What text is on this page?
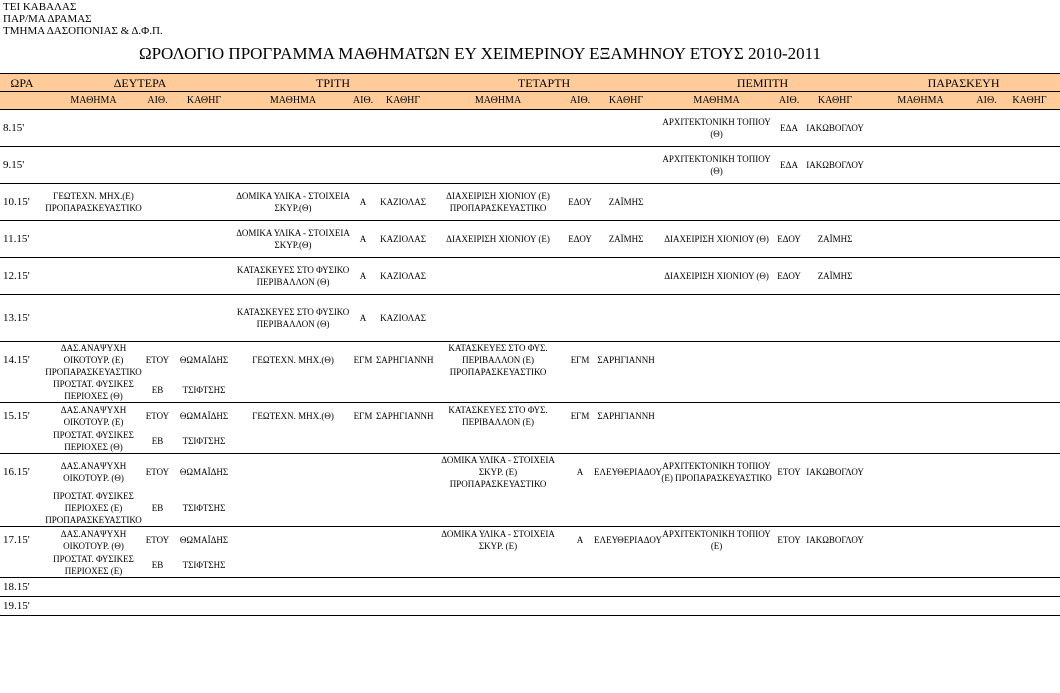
ΤΕΙ ΚΑΒΑΛΑΣ
ΠΑΡ/ΜΑ ΔΡΑΜΑΣ
ΤΜΗΜΑ ΔΑΣΟΠΟΝΙΑΣ & Δ.Φ.Π.
ΩΡΟΛΟΓΙΟ ΠΡΟΓΡΑΜΜΑ ΜΑΘΗΜΑΤΩΝ ΕΥ ΧΕΙΜΕΡΙΝΟΥ ΕΞΑΜΗΝΟΥ ΕΤΟΥΣ 2010-2011
ΩΡΑ	ΔΕΥΤΕΡΑ			ΤΡΙΤΗ			ΤΕΤΑΡΤΗ			ΠΕΜΠΤΗ			ΠΑΡΑΣΚΕΥΗ		
	ΜΑΘΗΜΑ	ΑΙΘ.	ΚΑΘΗΓ	ΜΑΘΗΜΑ	ΑΙΘ.	ΚΑΘΗΓ	ΜΑΘΗΜΑ	ΑΙΘ.	ΚΑΘΗΓ	ΜΑΘΗΜΑ	ΑΙΘ.	ΚΑΘΗΓ	ΜΑΘΗΜΑ	ΑΙΘ.	ΚΑΘΗΓ
8.15'										ΑΡΧΙΤΕΚΤΟΝΙΚΗ ΤΟΠΙΟΥ (Θ)	ΕΔΑ	ΙΑΚΩΒΟΓΛΟΥ			
9.15'										ΑΡΧΙΤΕΚΤΟΝΙΚΗ ΤΟΠΙΟΥ (Θ)	ΕΔΑ	ΙΑΚΩΒΟΓΛΟΥ			
10.15'	ΓΕΩΤΕΧΝ. ΜΗΧ.(Ε) ΠΡΟΠΑΡΑΣΚΕΥΑΣΤΙΚΟ			ΔΟΜΙΚΑ ΥΛΙΚΑ - ΣΤΟΙΧΕΙΑ ΣΚΥΡ.(Θ)	Α	ΚΑΖΙΟΛΑΣ	ΔΙΑΧΕΙΡΙΣΗ ΧΙΟΝΙΟΥ (Ε) ΠΡΟΠΑΡΑΣΚΕΥΑΣΤΙΚΟ	ΕΔΟΥ	ΖΑΪΜΗΣ						
11.15'				ΔΟΜΙΚΑ ΥΛΙΚΑ - ΣΤΟΙΧΕΙΑ ΣΚΥΡ.(Θ)	Α	ΚΑΖΙΟΛΑΣ	ΔΙΑΧΕΙΡΙΣΗ ΧΙΟΝΙΟΥ (Ε)	ΕΔΟΥ	ΖΑΪΜΗΣ	ΔΙΑΧΕΙΡΙΣΗ ΧΙΟΝΙΟΥ (Θ)	ΕΔΟΥ	ΖΑΪΜΗΣ			
12.15'				ΚΑΤΑΣΚΕΥΕΣ ΣΤΟ ΦΥΣΙΚΟ ΠΕΡΙΒΑΛΛΟΝ (Θ)	Α	ΚΑΖΙΟΛΑΣ				ΔΙΑΧΕΙΡΙΣΗ ΧΙΟΝΙΟΥ (Θ)	ΕΔΟΥ	ΖΑΪΜΗΣ			
13.15'				ΚΑΤΑΣΚΕΥΕΣ ΣΤΟ ΦΥΣΙΚΟ ΠΕΡΙΒΑΛΛΟΝ (Θ)	Α	ΚΑΖΙΟΛΑΣ									
14.15'	ΔΑΣ.ΑΝΑΨΥΧΗ ΟΙΚΟΤΟΥΡ. (Ε) ΠΡΟΠΑΡΑΣΚΕΥΑΣΤΙΚΟ	ΕΤΟΥ	ΘΩΜΑΪΔΗΣ	ΓΕΩΤΕΧΝ. ΜΗΧ.(Θ)	ΕΓΜ	ΣΑΡΗΓΙΑΝΝΗ	ΚΑΤΑΣΚΕΥΕΣ ΣΤΟ ΦΥΣ. ΠΕΡΙΒΑΛΛΟΝ (Ε) ΠΡΟΠΑΡΑΣΚΕΥΑΣΤΙΚΟ	ΕΓΜ	ΣΑΡΗΓΙΑΝΝΗ						
	ΠΡΟΣΤΑΤ. ΦΥΣΙΚΕΣ ΠΕΡΙΟΧΕΣ (Θ)	ΕΒ	ΤΣΙΦΤΣΗΣ												
15.15'	ΔΑΣ.ΑΝΑΨΥΧΗ ΟΙΚΟΤΟΥΡ. (Ε)	ΕΤΟΥ	ΘΩΜΑΪΔΗΣ	ΓΕΩΤΕΧΝ. ΜΗΧ.(Θ)	ΕΓΜ	ΣΑΡΗΓΙΑΝΝΗ	ΚΑΤΑΣΚΕΥΕΣ ΣΤΟ ΦΥΣ. ΠΕΡΙΒΑΛΛΟΝ (Ε)	ΕΓΜ	ΣΑΡΗΓΙΑΝΝΗ						
	ΠΡΟΣΤΑΤ. ΦΥΣΙΚΕΣ ΠΕΡΙΟΧΕΣ (Θ)	ΕΒ	ΤΣΙΦΤΣΗΣ												
16.15'	ΔΑΣ.ΑΝΑΨΥΧΗ ΟΙΚΟΤΟΥΡ. (Θ)	ΕΤΟΥ	ΘΩΜΑΪΔΗΣ				ΔΟΜΙΚΑ ΥΛΙΚΑ - ΣΤΟΙΧΕΙΑ ΣΚΥΡ. (Ε) ΠΡΟΠΑΡΑΣΚΕΥΑΣΤΙΚΟ	Α	ΕΛΕΥΘΕΡΙΑΔΟΥ	ΑΡΧΙΤΕΚΤΟΝΙΚΗ ΤΟΠΙΟΥ (Ε) ΠΡΟΠΑΡΑΣΚΕΥΑΣΤΙΚΟ	ΕΤΟΥ	ΙΑΚΩΒΟΓΛΟΥ			
	ΠΡΟΣΤΑΤ. ΦΥΣΙΚΕΣ ΠΕΡΙΟΧΕΣ (Ε) ΠΡΟΠΑΡΑΣΚΕΥΑΣΤΙΚΟ	ΕΒ	ΤΣΙΦΤΣΗΣ												
17.15'	ΔΑΣ.ΑΝΑΨΥΧΗ ΟΙΚΟΤΟΥΡ. (Θ)	ΕΤΟΥ	ΘΩΜΑΪΔΗΣ				ΔΟΜΙΚΑ ΥΛΙΚΑ - ΣΤΟΙΧΕΙΑ ΣΚΥΡ. (Ε)	Α	ΕΛΕΥΘΕΡΙΑΔΟΥ	ΑΡΧΙΤΕΚΤΟΝΙΚΗ ΤΟΠΙΟΥ (Ε)	ΕΤΟΥ	ΙΑΚΩΒΟΓΛΟΥ			
	ΠΡΟΣΤΑΤ. ΦΥΣΙΚΕΣ ΠΕΡΙΟΧΕΣ (Ε)	ΕΒ	ΤΣΙΦΤΣΗΣ												
18.15'															
19.15'															
